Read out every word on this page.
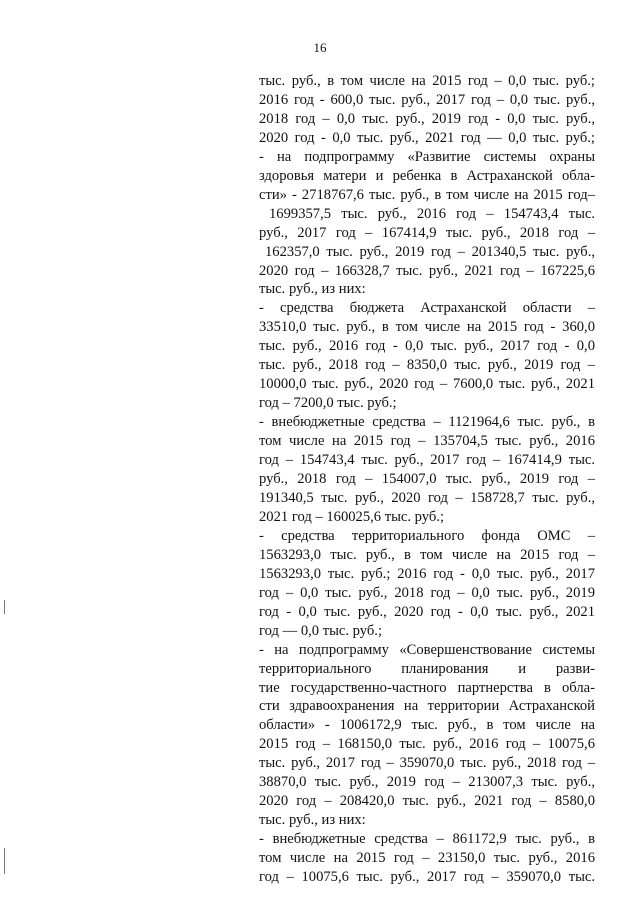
16
тыс. руб., в том числе на 2015 год – 0,0 тыс. руб.;
2016 год - 600,0 тыс. руб., 2017 год – 0,0 тыс. руб.,
2018 год – 0,0 тыс. руб., 2019 год - 0,0 тыс. руб.,
2020 год - 0,0 тыс. руб., 2021 год — 0,0 тыс. руб.;
- на подпрограмму «Развитие системы охраны
здоровья матери и ребенка в Астраханской обла-
сти» - 2718767,6 тыс. руб., в том числе на 2015 год–
1699357,5 тыс. руб., 2016 год – 154743,4 тыс.
руб., 2017 год – 167414,9 тыс. руб., 2018 год –
162357,0 тыс. руб., 2019 год – 201340,5 тыс. руб.,
2020 год – 166328,7 тыс. руб., 2021 год – 167225,6
тыс. руб., из них:
- средства бюджета Астраханской области –
33510,0 тыс. руб., в том числе на 2015 год - 360,0
тыс. руб., 2016 год - 0,0 тыс. руб., 2017 год - 0,0
тыс. руб., 2018 год – 8350,0 тыс. руб., 2019 год –
10000,0 тыс. руб., 2020 год – 7600,0 тыс. руб., 2021
год – 7200,0 тыс. руб.;
- внебюджетные средства – 1121964,6 тыс. руб., в
том числе на 2015 год – 135704,5 тыс. руб., 2016
год – 154743,4 тыс. руб., 2017 год – 167414,9 тыс.
руб., 2018 год – 154007,0 тыс. руб., 2019 год –
191340,5 тыс. руб., 2020 год – 158728,7 тыс. руб.,
2021 год – 160025,6 тыс. руб.;
- средства территориального фонда ОМС –
1563293,0 тыс. руб., в том числе на 2015 год –
1563293,0 тыс. руб.; 2016 год - 0,0 тыс. руб., 2017
год – 0,0 тыс. руб., 2018 год – 0,0 тыс. руб., 2019
год - 0,0 тыс. руб., 2020 год - 0,0 тыс. руб., 2021
год — 0,0 тыс. руб.;
- на подпрограмму «Совершенствование системы
территориального планирования и разви-
тие государственно-частного партнерства в обла-
сти здравоохранения на территории Астраханской
области» - 1006172,9 тыс. руб., в том числе на
2015 год – 168150,0 тыс. руб., 2016 год – 10075,6
тыс. руб., 2017 год – 359070,0 тыс. руб., 2018 год –
38870,0 тыс. руб., 2019 год – 213007,3 тыс. руб.,
2020 год – 208420,0 тыс. руб., 2021 год – 8580,0
тыс. руб., из них:
- внебюджетные средства – 861172,9 тыс. руб., в
том числе на 2015 год – 23150,0 тыс. руб., 2016
год – 10075,6 тыс. руб., 2017 год – 359070,0 тыс.
